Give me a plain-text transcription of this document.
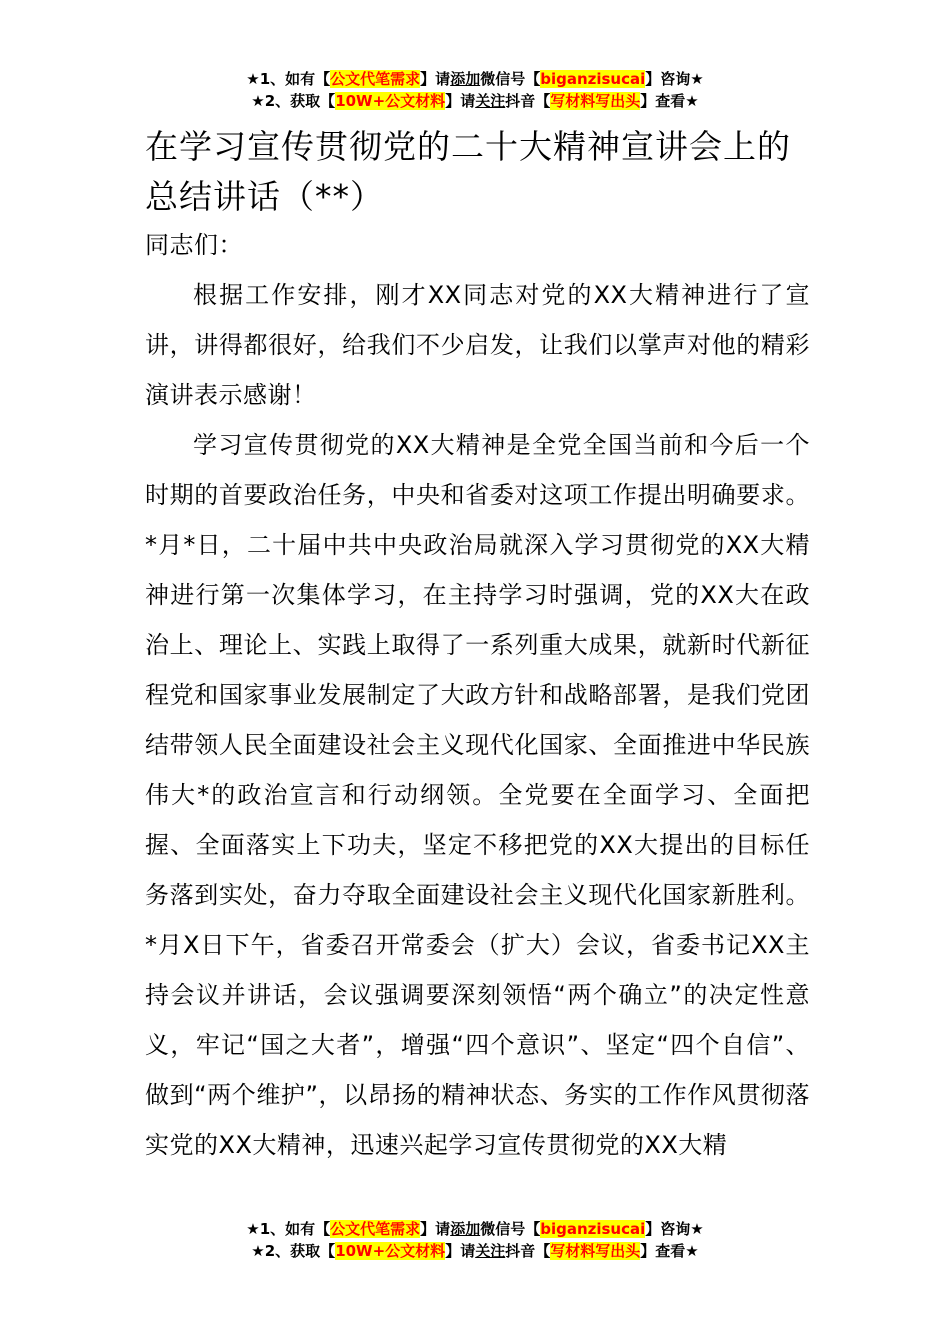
★1、如有【公文代笔需求】请添加微信号【biganzisucai】咨询★
★2、获取【10W+公文材料】请关注抖音【写材料写出头】查看★
在学习宣传贯彻党的二十大精神宣讲会上的总结讲话（**）

同志们：

根据工作安排，刚才XX同志对党的XX大精神进行了宣讲，讲得都很好，给我们不少启发，让我们以掌声对他的精彩演讲表示感谢！

学习宣传贯彻党的XX大精神是全党全国当前和今后一个时期的首要政治任务，中央和省委对这项工作提出明确要求。*月*日，二十届中共中央政治局就深入学习贯彻党的XX大精神进行第一次集体学习，在主持学习时强调，党的XX大在政治上、理论上、实践上取得了一系列重大成果，就新时代新征程党和国家事业发展制定了大政方针和战略部署，是我们党团结带领人民全面建设社会主义现代化国家、全面推进中华民族伟大*的政治宣言和行动纲领。全党要在全面学习、全面把握、全面落实上下功夫，坚定不移把党的XX大提出的目标任务落到实处，奋力夺取全面建设社会主义现代化国家新胜利。*月X日下午，省委召开常委会（扩大）会议，省委书记XX主持会议并讲话，会议强调要深刻领悟“两个确立”的决定性意义，牢记“国之大者”，增强“四个意识”、坚定“四个自信”、做到“两个维护”，以昂扬的精神状态、务实的工作作风贯彻落实党的XX大精神，迅速兴起学习宣传贯彻党的XX大精

★1、如有【公文代笔需求】请添加微信号【biganzisucai】咨询★
★2、获取【10W+公文材料】请关注抖音【写材料写出头】查看★
